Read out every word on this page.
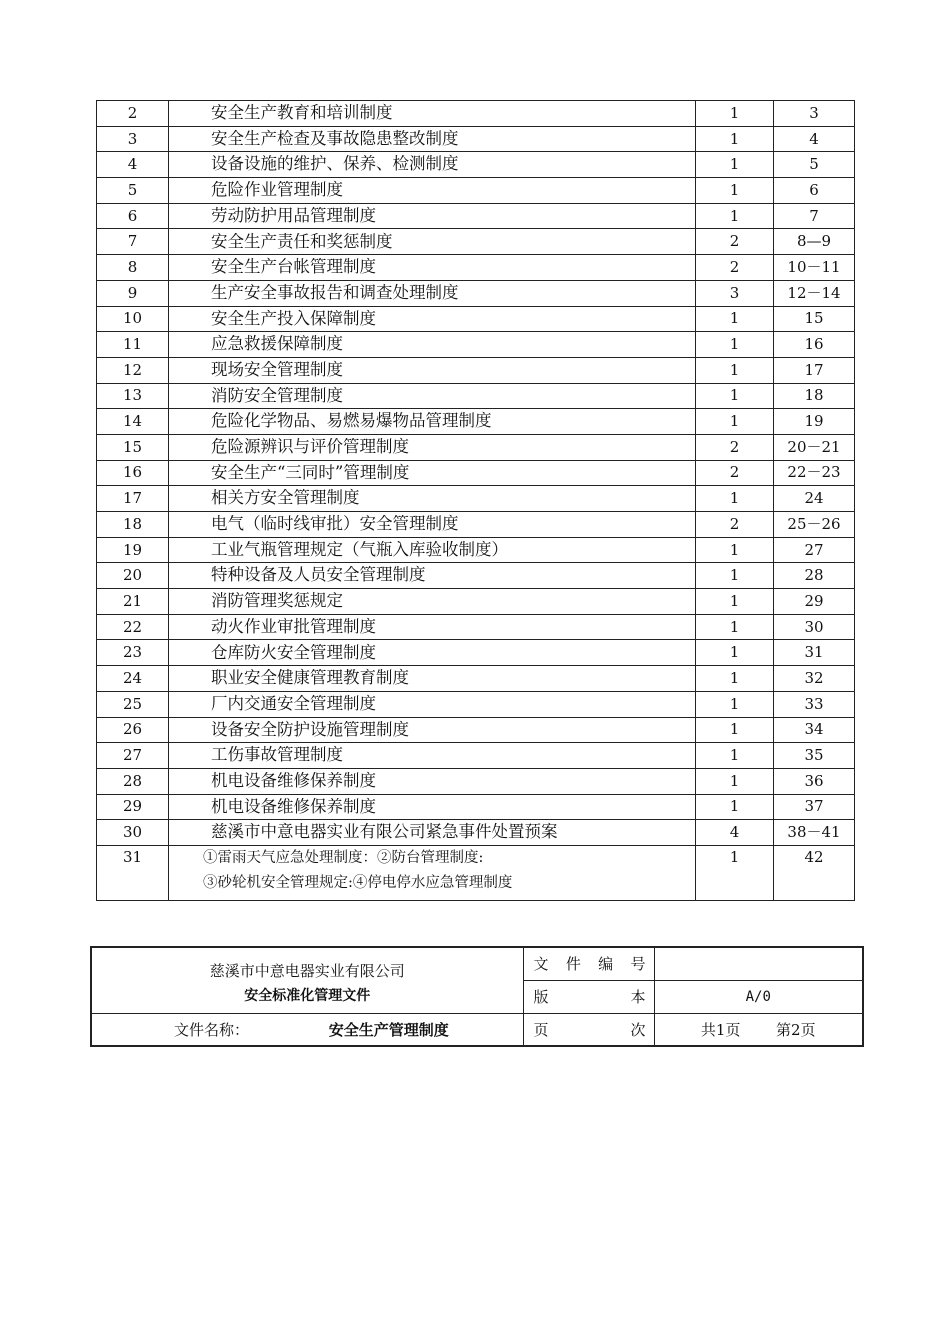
2	安全生产教育和培训制度	1	3
3	安全生产检查及事故隐患整改制度	1	4
4	设备设施的维护、保养、检测制度	1	5
5	危险作业管理制度	1	6
6	劳动防护用品管理制度	1	7
7	安全生产责任和奖惩制度	2	8—9
8	安全生产台帐管理制度	2	10－11
9	生产安全事故报告和调查处理制度	3	12－14
10	安全生产投入保障制度	1	15
11	应急救援保障制度	1	16
12	现场安全管理制度	1	17
13	消防安全管理制度	1	18
14	危险化学物品、易燃易爆物品管理制度	1	19
15	危险源辨识与评价管理制度	2	20－21
16	安全生产“三同时”管理制度	2	22－23
17	相关方安全管理制度	1	24
18	电气（临时线审批）安全管理制度	2	25－26
19	工业气瓶管理规定（气瓶入库验收制度）	1	27
20	特种设备及人员安全管理制度	1	28
21	消防管理奖惩规定	1	29
22	动火作业审批管理制度	1	30
23	仓库防火安全管理制度	1	31
24	职业安全健康管理教育制度	1	32
25	厂内交通安全管理制度	1	33
26	设备安全防护设施管理制度	1	34
27	工伤事故管理制度	1	35
28	机电设备维修保养制度	1	36
29	机电设备维修保养制度	1	37
30	慈溪市中意电器实业有限公司紧急事件处置预案	4	38－41
31	①雷雨天气应急处理制度：②防台管理制度:
③砂轮机安全管理规定:④停电停水应急管理制度	1	42
慈溪市中意电器实业有限公司
安全标准化管理文件	文 件 编 号	

	版 本	A/0
文件名称： 安全生产管理制度	页 次	共1页 第2页
